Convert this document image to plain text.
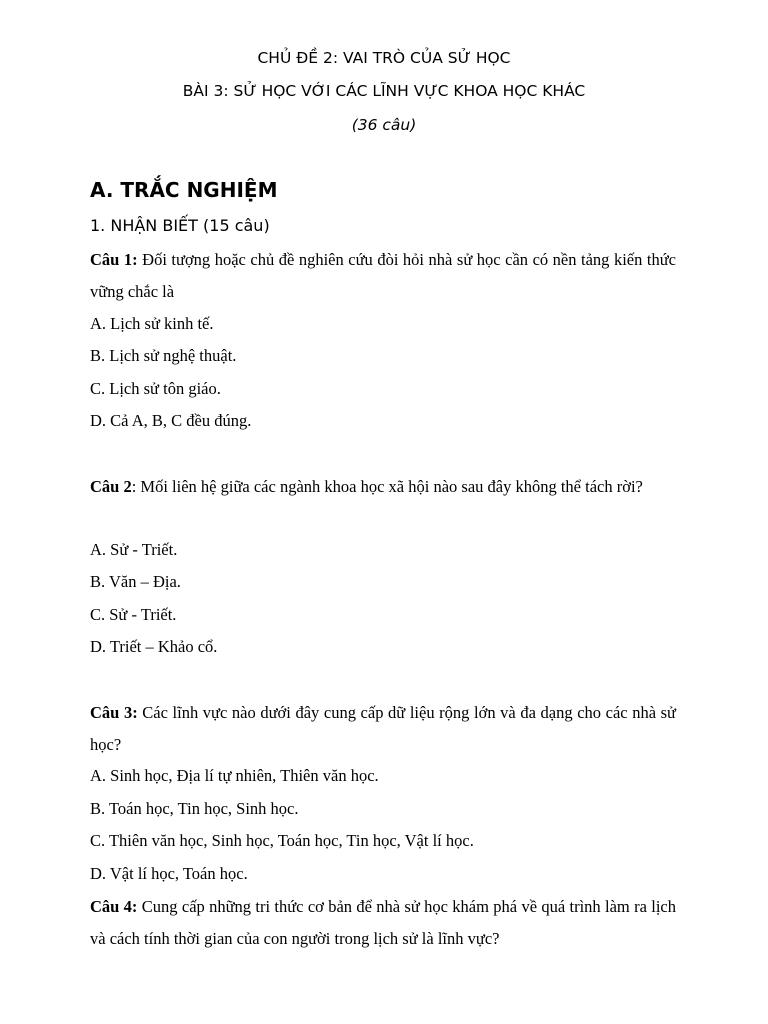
CHỦ ĐỀ 2: VAI TRÒ CỦA SỬ HỌC
BÀI 3: SỬ HỌC VỚI CÁC LĨNH VỰC KHOA HỌC KHÁC
(36 câu)
A. TRẮC NGHIỆM
1. NHẬN BIẾT (15 câu)
Câu 1: Đối tượng hoặc chủ đề nghiên cứu đòi hỏi nhà sử học cần có nền tảng kiến thức vững chắc là
A. Lịch sử kinh tế.
B. Lịch sử nghệ thuật.
C. Lịch sử tôn giáo.
D. Cả A, B, C đều đúng.
Câu 2: Mối liên hệ giữa các ngành khoa học xã hội nào sau đây không thể tách rời?
A. Sử - Triết.
B. Văn – Địa.
C. Sử - Triết.
D. Triết – Khảo cổ.
Câu 3: Các lĩnh vực nào dưới đây cung cấp dữ liệu rộng lớn và đa dạng cho các nhà sử học?
A. Sinh học, Địa lí tự nhiên, Thiên văn học.
B. Toán học, Tin học, Sinh học.
C. Thiên văn học, Sinh học, Toán học, Tin học, Vật lí học.
D. Vật lí học, Toán học.
Câu 4: Cung cấp những tri thức cơ bản để nhà sử học khám phá về quá trình làm ra lịch và cách tính thời gian của con người trong lịch sử là lĩnh vực?
